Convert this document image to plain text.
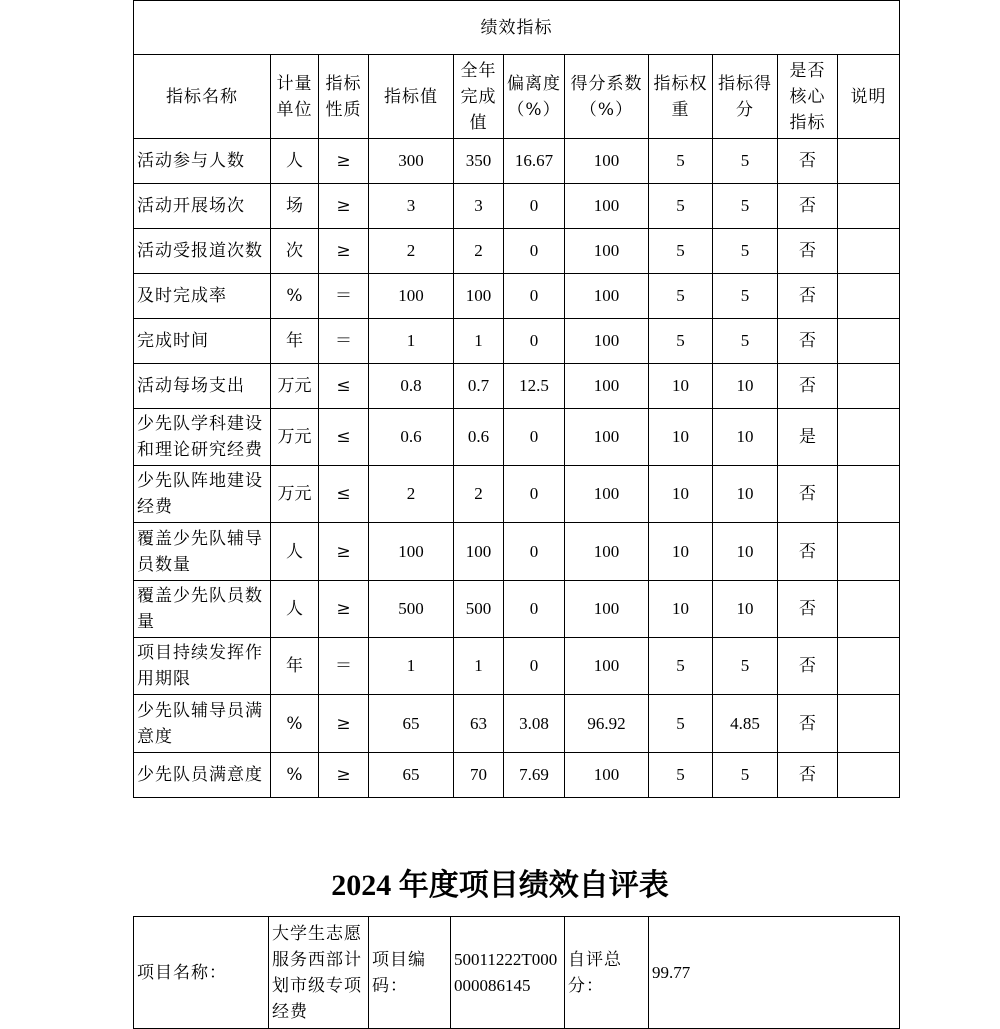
绩效指标										
指标名称	计量单位	指标性质	指标值	全年完成值	偏离度（%）	得分系数（%）	指标权重	指标得分	是否核心指标	说明
活动参与人数	人	≥	300	350	16.67	100	5	5	否	
活动开展场次	场	≥	3	3	0	100	5	5	否	
活动受报道次数	次	≥	2	2	0	100	5	5	否	
及时完成率	%	＝	100	100	0	100	5	5	否	
完成时间	年	＝	1	1	0	100	5	5	否	
活动每场支出	万元	≤	0.8	0.7	12.5	100	10	10	否	
少先队学科建设和理论研究经费	万元	≤	0.6	0.6	0	100	10	10	是	
少先队阵地建设经费	万元	≤	2	2	0	100	10	10	否	
覆盖少先队辅导员数量	人	≥	100	100	0	100	10	10	否	
覆盖少先队员数量	人	≥	500	500	0	100	10	10	否	
项目持续发挥作用期限	年	＝	1	1	0	100	5	5	否	
少先队辅导员满意度	%	≥	65	63	3.08	96.92	5	4.85	否	
少先队员满意度	%	≥	65	70	7.69	100	5	5	否	
2024 年度项目绩效自评表
项目名称：	大学生志愿服务西部计划市级专项经费	项目编码：	50011222T000000086145	自评总分：	99.77
